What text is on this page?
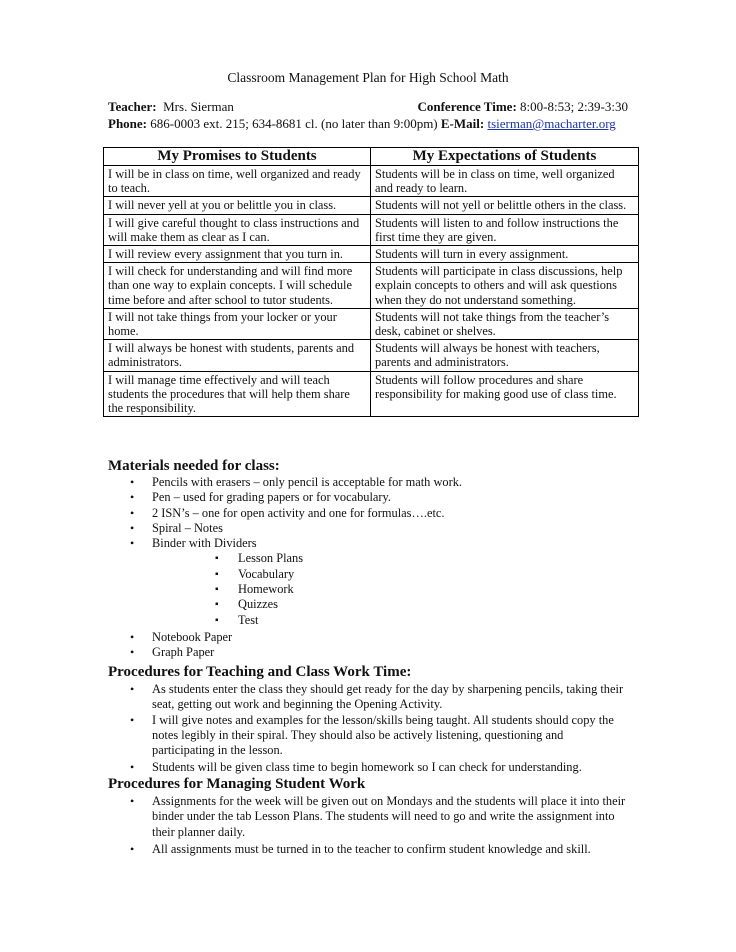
Classroom Management Plan for High School Math
Teacher: Mrs. Sierman	Conference Time: 8:00-8:53; 2:39-3:30
Phone: 686-0003 ext. 215; 634-8681 cl. (no later than 9:00pm) E-Mail: tsierman@macharter.org
My Promises to Students	My Expectations of Students
I will be in class on time, well organized and ready to teach.	Students will be in class on time, well organized and ready to learn.
I will never yell at you or belittle you in class.	Students will not yell or belittle others in the class.
I will give careful thought to class instructions and will make them as clear as I can.	Students will listen to and follow instructions the first time they are given.
I will review every assignment that you turn in.	Students will turn in every assignment.
I will check for understanding and will find more than one way to explain concepts. I will schedule time before and after school to tutor students.	Students will participate in class discussions, help explain concepts to others and will ask questions when they do not understand something.
I will not take things from your locker or your home.	Students will not take things from the teacher’s desk, cabinet or shelves.
I will always be honest with students, parents and administrators.	Students will always be honest with teachers, parents and administrators.
I will manage time effectively and will teach students the procedures that will help them share the responsibility.	Students will follow procedures and share responsibility for making good use of class time.
Materials needed for class:
• Pencils with erasers – only pencil is acceptable for math work.
• Pen – used for grading papers or for vocabulary.
• 2 ISN’s – one for open activity and one for formulas….etc.
• Spiral – Notes
• Binder with Dividers
▪ Lesson Plans
▪ Vocabulary
▪ Homework
▪ Quizzes
▪ Test
• Notebook Paper
• Graph Paper
Procedures for Teaching and Class Work Time:
• As students enter the class they should get ready for the day by sharpening pencils, taking their seat, getting out work and beginning the Opening Activity.
• I will give notes and examples for the lesson/skills being taught. All students should copy the notes legibly in their spiral. They should also be actively listening, questioning and participating in the lesson.
• Students will be given class time to begin homework so I can check for understanding.
Procedures for Managing Student Work
• Assignments for the week will be given out on Mondays and the students will place it into their binder under the tab Lesson Plans. The students will need to go and write the assignment into their planner daily.
• All assignments must be turned in to the teacher to confirm student knowledge and skill.
